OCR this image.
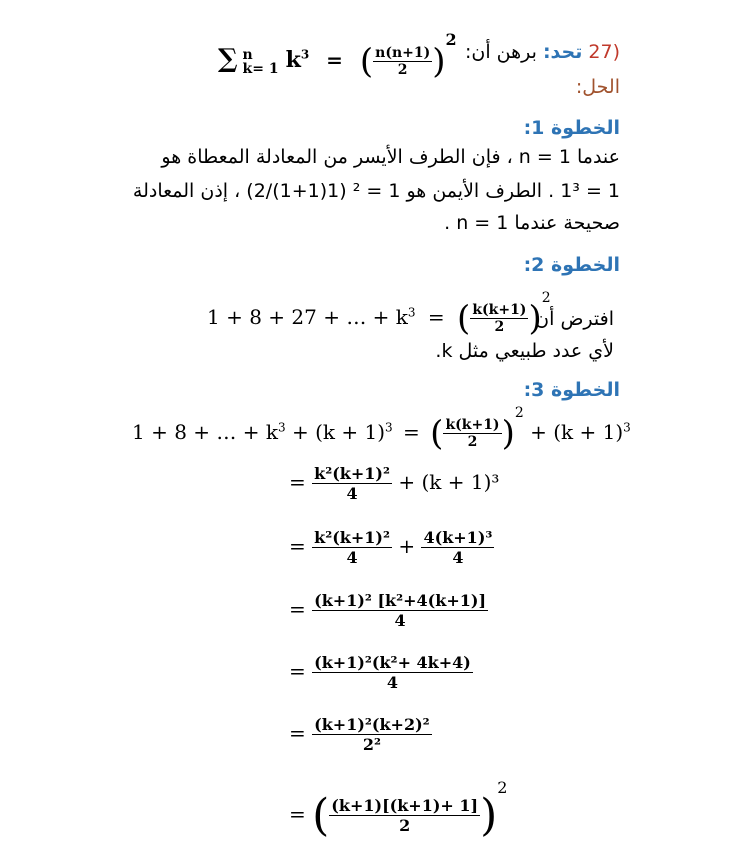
∑ n
k= 1 $k^3$ = ( $\frac{n(n+1)}{2} )^2$
27) تحد: برهن أن:
الحل:
الخطوة 1:
عندما n = 1 ، فإن الطرف الأيسر من المعادلة المعطاة هو
1 = 1³ . الطرف الأيمن هو 1 = ² (1(1+1)/2) ، إذن المعادلة
صحيحة عندما n = 1 .
الخطوة 2:
افترض أن
1 + 8 + 27 + … + $k^3$ = ( $\frac{k(k+1)}{2} )^2$
لأي عدد طبيعي مثل k.
الخطوة 3:
1 + 8 + … + $k^3 + (k + 1)^3$ = ( $\frac{k(k+1)}{2} )^2 + (k + 1)^3$
= $\frac{\text{k²(k+1)²}}{4} + (k + 1)^3$
= $\frac{\text{k²(k+1)²}}{4} + \frac{\text{4(k+1)³}}{4}$
= $\frac{\text{(k+1)² [k²+4(k+1)]}}{4}$
= $\frac{\text{(k+1)²(k²+ 4k+4)}}{4}$
= $\frac{\text{(k+1)²(k+2)²}}{\text{2²}}$
= ( $\frac{(k+1)[(k+1)+ 1]}{2} )^2$
